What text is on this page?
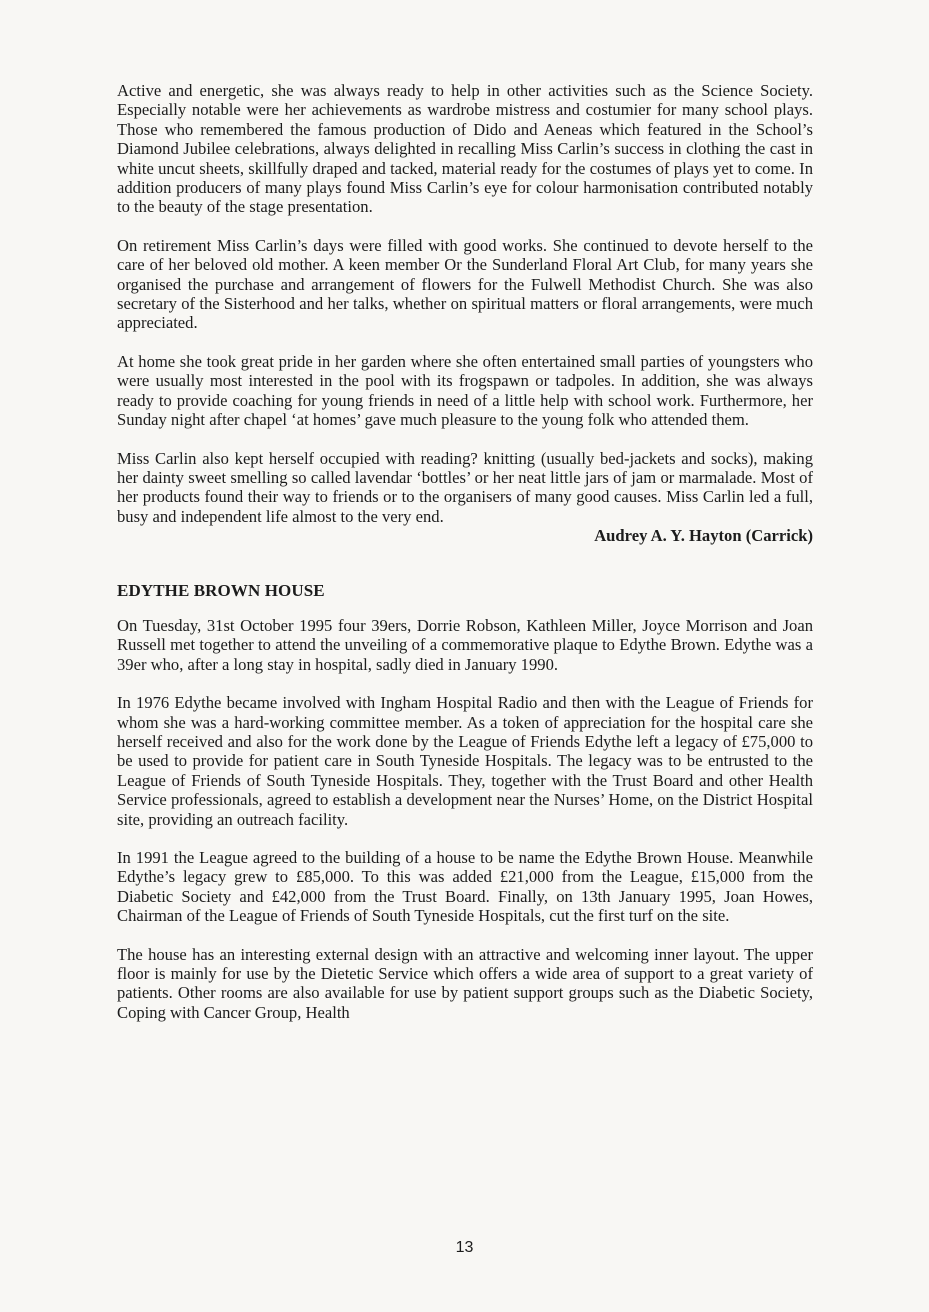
Active and energetic, she was always ready to help in other activities such as the Science Society. Especially notable were her achievements as wardrobe mistress and costumier for many school plays. Those who remembered the famous production of Dido and Aeneas which featured in the School’s Diamond Jubilee celebrations, always delighted in recalling Miss Carlin’s success in clothing the cast in white uncut sheets, skillfully draped and tacked, material ready for the costumes of plays yet to come. In addition producers of many plays found Miss Carlin’s eye for colour harmonisation contributed notably to the beauty of the stage presentation.

On retirement Miss Carlin’s days were filled with good works. She continued to devote herself to the care of her beloved old mother. A keen member Or the Sunderland Floral Art Club, for many years she organised the purchase and arrangement of flowers for the Fulwell Methodist Church. She was also secretary of the Sisterhood and her talks, whether on spiritual matters or floral arrangements, were much appreciated.

At home she took great pride in her garden where she often entertained small parties of youngsters who were usually most interested in the pool with its frogspawn or tadpoles. In addition, she was always ready to provide coaching for young friends in need of a little help with school work. Furthermore, her Sunday night after chapel ‘at homes’ gave much pleasure to the young folk who attended them.

Miss Carlin also kept herself occupied with reading? knitting (usually bed-jackets and socks), making her dainty sweet smelling so called lavendar ‘bottles’ or her neat little jars of jam or marmalade. Most of her products found their way to friends or to the organisers of many good causes. Miss Carlin led a full, busy and independent life almost to the very end.

Audrey A. Y. Hayton (Carrick)

EDYTHE BROWN HOUSE

On Tuesday, 31st October 1995 four 39ers, Dorrie Robson, Kathleen Miller, Joyce Morrison and Joan Russell met together to attend the unveiling of a commemorative plaque to Edythe Brown. Edythe was a 39er who, after a long stay in hospital, sadly died in January 1990.

In 1976 Edythe became involved with Ingham Hospital Radio and then with the League of Friends for whom she was a hard-working committee member. As a token of appreciation for the hospital care she herself received and also for the work done by the League of Friends Edythe left a legacy of £75,000 to be used to provide for patient care in South Tyneside Hospitals. The legacy was to be entrusted to the League of Friends of South Tyneside Hospitals. They, together with the Trust Board and other Health Service professionals, agreed to establish a development near the Nurses’ Home, on the District Hospital site, providing an outreach facility.

In 1991 the League agreed to the building of a house to be name the Edythe Brown House. Meanwhile Edythe’s legacy grew to £85,000. To this was added £21,000 from the League, £15,000 from the Diabetic Society and £42,000 from the Trust Board. Finally, on 13th January 1995, Joan Howes, Chairman of the League of Friends of South Tyneside Hospitals, cut the first turf on the site.

The house has an interesting external design with an attractive and welcoming inner layout. The upper floor is mainly for use by the Dietetic Service which offers a wide area of support to a great variety of patients. Other rooms are also available for use by patient support groups such as the Diabetic Society, Coping with Cancer Group, Health

13
